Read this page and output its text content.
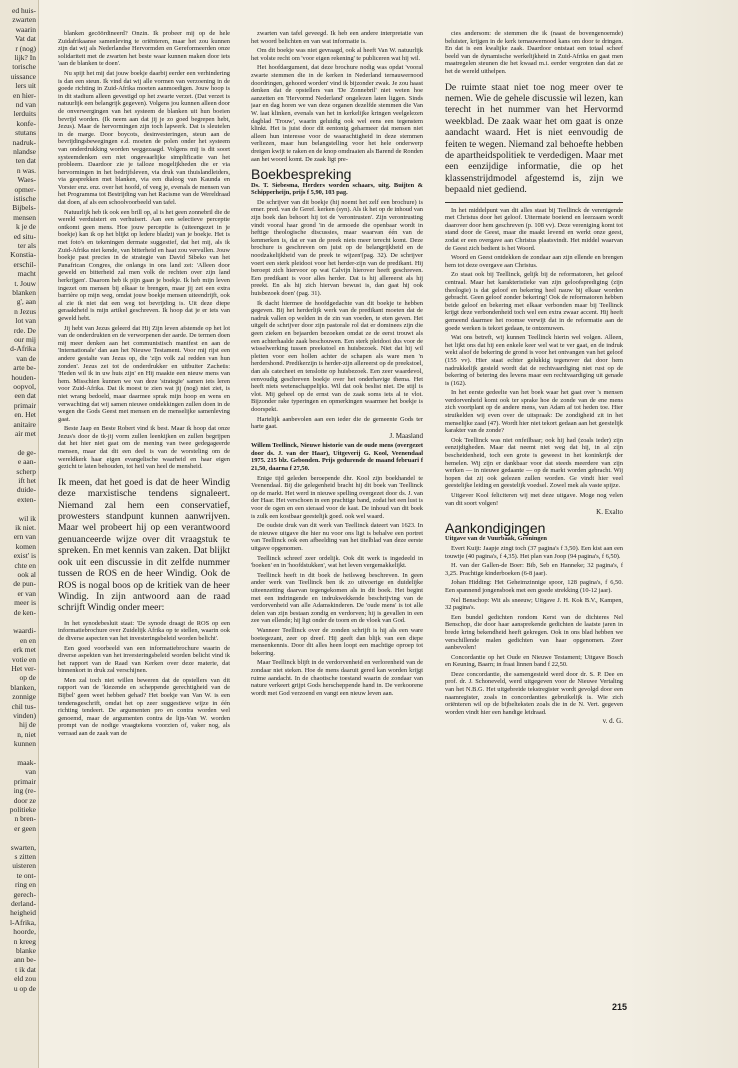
ed huis-
zwarten
waarin
Vat dat
r (nog)
lijk? In
torische
uissance
lers uit
en hier-
nd van
lerduits
konfe-
stutans
nadruk-
nlandse
ten dat
n was.
Waes-
opmer-
istische
Bijbels-
mensen
k je de
ed situ-
ter als
Konstia-
erschil-
macht
t. Jouw
blanken
g', aan
n Jezus
lot van
rde. De
our mij
d-Afrika
van de
arte be-
houden-
oopvol,
een dat
primair
en. Het
anitaire
air met
de ge-
e aan-
scherp
ift het
duide-
exten-
wil ik
ik niet.
ern van
komen
exist' is
chte en
ook al
de pun-
er van
meer is
de ken-
waardi-
en en
erk met
votie en
Het ver-
op de
blanken,
zonnige
chil tus-
vinden)
hij de
n, niet
kunnen
maak-
van
primair
ing (re-
door ze
politieke
n bren-
er geen
swarten,
s zitten
uisteren
te ont-
ring en
gerech-
derland-
heigheid
l-Afrika,
hoorde,
n kreeg
blanke
ann be-
t ik dat
eld zou
u op de

blanken gecöördineerd? Onzin. Ik probeer mij op de hele Zuidafrikaanse samenleving te oriënteren, maar het zou kunnen zijn dat wij als Nederlandse Hervormden en Gereformeerden onze solidariteit met de zwarten het beste waar kunnen maken door iets 'aan de blanken te doen'.

Nu spijt het mij dat jouw boekje daarbij eerder een verhindering is dan een steun. Ik vind dat wij alle vormen van verzoening in de goede richting in Zuid-Afrika moeten aanmoedigen. Jouw hoop is in dit stadium alleen gevestigd op het zwarte verzet. (Dat verzet is natuurlijk een belangrijk gegeven). Volgens jou kunnen alleen door de onverwergingen van het systeem de blanken uit hun boeien bevrijd worden. (Ik neem aan dat jij je zo goed begrepen hebt, Jezus). Maar de hervormingen zijn toch lapwerk. Dat is sleutelen in de marge. Door boycots, desinvesteringen, steun aan de bevrijdingsbewegingen e.d. moeten de polen onder het systeem van onderdrukking worden weggezaagd. Volgens mij is dit soort systeemdenken een niet ongevaarlijke simplificatie van het probleem. Daardoor zie je talloze mogelijkheden die er via hervormingen in het bedrijfsleven, via druk van thuislandleiders, via gesprekken met blanken, via een dialoog van Kaunda en Vorster enz. enz. over het hoofd, of veeg je, evenals de mensen van het Programma tot Bestrijding van het Racisme van de Wereldraad dat doen, af als een schoolvoorbeeld van tafel.

Natuurlijk heb ik ook een brill op, al is het geen zonnebril die de wereld verduistert en verhuisert. Aan een selectieve perceptie ontkomt geen mens. Hoe jouw perceptie is (uiteengezet in je boekje) kan ik op het blijkt op ledere bladzij van je boekje. Het is met foto's en tekeningen dermate suggestief, dat het mij, als ik Zuid-Afrika niet kende, van bitterheid en haat zou vervullen. Jouw boekje past precies in de strategie van David Sibeko van het Panafrican Congres, die onlangs in ons land zei: 'Alleen door geweld en bitterheid zal men volk de rechten over zijn land herkrijgen'. Daarom heb ik pijn gaan je boekje. Ik heb mijn leven ingezet om mensen bij elkaar te brengen, maar jij zet een extra barrière op mijn weg, omdat jouw boekje mensen uiteendrijft, ook al zie ik niet dat een weg tot bevrijding is. Uit deze diepe geraaktheid is mijn artikel geschreven. Ik hoop dat je er iets van geweld hebt.

Jij hebt van Jezus geleerd dat Hij Zijn leven afstemde op het lot van de onderdrukten en de verworpenen der aarde. De termen doen mij meer denken aan het communistisch manifest en aan de 'Internationale' dan aan het Nieuwe Testament. Voor mij rijst een andere gestalte van Jezus op, die 'zijn volk zal redden van hun zonden'. Jezus zei tot de onderdrukker en uitbuiter Zacheüs: 'Heden wil ik in uw huis zijn' en Hij maakte een nieuw mens van hem. Misschien kunnen we van deze 'strategie' samen iets leren voor Zuid-Afrika. Dat ik moest te zien wat jij (nog) niet ziet, is niet wrang bedoeld, maar daarmee sprak mijn hoop en wens en verwachting dat wij samen nieuwe ontdekkingen zullen doen in de wegen die Gods Geest met mensen en de menselijke samenleving gaat.

Beste Jaap en Beste Robert vind ik best. Maar ik hoop dat onze Jezus's door de tk-jij vorm zullen leenkijken en zullen begrijpen dat het hier niet gaat om de mening van twee gedegageerde mensen, maar dat dit een deel is van de worsteling om de wereldkerk haar eigen evangelische waarheid en haar eigen gezicht te laten behouden, tot heil van heel de mensheid.

Ik meen, dat het goed is dat de heer Windig deze marxistische tendens signaleert. Niemand zal hem een conservatief, prowesters standpunt kunnen aanwrijven. Maar wel probeert hij op een verantwoord genuanceerde wijze over dit vraagstuk te spreken. En met kennis van zaken. Dat blijkt ook uit een discussie in dit zelfde nummer tussen de ROS en de heer Windig. Ook de ROS is nogal boos op de kritiek van de heer Windig. In zijn antwoord aan de raad schrijft Windig onder meer:

In het synodebesluit staat: 'De synode draagt de ROS op een informatiebrochure over Zuidelijk Afrika op te stellen, waarin ook de diverse aspecten van het investeringsbeleid worden belicht'.

Een goed voorbeeld van een informatiebrochure waarin de diverse aspekten van het investeringsbeleid worden belicht vind ik het rapport van de Raad van Kerken over deze materie, dat binnenkort in druk zal verschijnen.

Men zal toch niet willen beweren dat de opstellers van dit rapport van de 'kiezende en scheppende gerechtigheid van de Bijbel' geen weet hebben gehad? Het boekje van Van W. is een tendensgeschrift, omdat het op zeer suggestieve wijze in één richting tendeert. De argumenten pro en contra worden wel genoemd, maar de argumenten contra de lijn-Van W. worden prompt van de nodige vraagtekens voorzien of, vaker nog, als verraad aan de zaak van de

zwarten van tafel geveegd. Ik heb een andere interpretatie van het woord belichten en van wat informatie is.

Om dit boekje was niet gevraagd, ook al heeft Van W. natuurlijk het volste recht om 'voor eigen rekening' te publiceren wat hij wil.

Het hoofdargument, dat deze brochure nodig was opdat 'vooral zwarte stemmen die in de kerken in Nederland ternauwernood doordringen, gehoord worden' vind ik bijzonder zwak. Je zou haast denken dat de opstellers van 'De Zonnebril' niet weten hoe aanzetten en 'Hervormd Nederland' ongelezen laten liggen. Sinds jaar en dag horen we van deze organen dezelfde stemmen die Van W. laat klinken, evenals van het in kerkelijke kringen veelgelezen dagblad 'Trouw', waarin geluidig ook wel eens een tegenstem klinkt. Het is juist door dit eentonig geharmeer dat mensen niet alleen hun interesse voor de waarachtigheid in deze stemmen verliezen, maar hun belangstelling voor het hele onderwerp dreigen kwijt te raken en de knop omdraaien als Barend de Ronden aan het woord komt. De zaak ligt pre-

Boekbespreking

Ds. T. Siebesma, Herders worden schaars, uitg. Buijten & Schipperheijn, prijs f 5,90, 103 pag.

De schrijver van dit boekje (hij noemt het zelf een brochure) is emer. pred. van de Geref. kerken (syn). Als ik het op de inhoud van zijn boek dan behoort hij tot de 'verontrusten'. Zijn verontrusting vindt vooral haar grond 'in de armoede die openbaar wordt in heftige theologische discussies, maar waarvan één van de kenmerken is, dat er van de preek niets meer terecht komt. Deze brochure is geschreven om juist op de belangrijkheid en de noodzakelijkheid van de preek te wijzen'(pag. 32). De schrijver voert een sterk pleidooi voor het herder-zijn van de predikant. Hij beroept zich hiervoor op wat Calvijn hierover heeft geschreven. Een predikant is voor alles herder. Dat is hij allereerst als hij preekt. En als hij zich hiervan bewust is, dan gaat hij ook huisbezoek doen' (pag. 31).

Ik dacht hiermee de hoofdgedachte van dit boekje te hebben gegeven. Bij het herderlijk werk van de predikant moeten dat de nadruk vallen op welden in de zin van voeden, te eten geven. Het uitgelt de schrijver door zijn pastorale rol dat er dominees zijn die geen zieken en bejaarden bezoeken omdat ze de eerst trouwt als een achterhaalde zaak beschouwen. Een sterk pleidooi dus voor de wisselwerking tussen preekstoel en huisbezoek. Niet dat hij wil pleiten voor een hollen achter de schapen als ware men 'n herdershond. Predikerzijn is herder-zijn allereerst op de preekstoel, dan als catecheet en tenslotte op huisbezoek. Een zeer waardevol, eenvoudig geschreven boekje over het onderhavige thema. Het heeft niets wetenschappelijks. Wil dat ook beslist niet. De stijl is vlot. Mij geheel op de ernst van de zaak soms iets al te vlot. Bijzonder rake typeringen en opmerkingen waarmee het boekje is doorspekt.

Hartelijk aanbevolen aan een ieder die de gemeente Gods ter harte gaat.

J. Maasland

Willem Teellinck, Nieuwe historie van de oude mens (overgezet door ds. J. van der Haar), Uitgeverij G. Kool, Veenendaal 1975. 215 blz. Gebonden. Prijs gedurende de maand februari f 21,50, daarna f 27,50.

Enige tijd geleden beroepende dhr. Kool zijn boekhandel te Veenendaal. Bij die gelegenheid bracht hij dit boek van Teellinck op de markt. Het werd in nieuwe spelling overgezet door ds. J. van der Haar. Het verschoen in een prachtige band, zodat het een lust is voor de ogen en een sieraad voor de kast. De inhoud van dit boek is zulk een kostbaar geestelijk goed. ook wel waard.

De oudste druk van dit werk van Teellinck dateert van 1623. In de nieuwe uitgave die hier nu voor ons ligt is behalve een portret van Teellinck ook een afbeelding van het titelblad van deze eerste uitgave opgenomen.

Teellinck schreef zeer ordelijk. Ook dit werk is ingedeeld in 'boeken' en in 'hoofdstukken', wat het leven vergemakkelijkt.

Teellinck heeft in dit boek de heilsweg beschreven. In geen ander werk van Teellinck ben ik zo uitvoerige en duidelijke uiteenzetting daarvan tegengekomen als in dit boek. Het begint met een indringende en indrukwekkende beschrijving van de verdorvenheid van alle Adamskinderen. De 'oude mens' is tot alle delen van zijn bestaan zondig en verdorven; hij is gevallen in een zee van ellende; hij ligt onder de toorn en de vloek van God.

Wanneer Teellinck over de zonden schrijft is hij als een ware boetegezant, zeer op dreef. Hij geeft dan blijk van een diepe mensenkennis. Door dit alles heen loopt een machtige oproep tot bekering.

Maar Teellinck blijft in de verdorvenheid en verlorenheid van de zondaar niet steken. Hoe de mens daaruit gered kan worden krijgt ruime aandacht. In de chaotische toestand waarin de zondaar van nature verkeert grijpt Gods herscheppende hand in. De verkoorene wordt met God verzoend en vangt een nieuw leven aan.

cies andersom: de stemmen die ik (naast de bovengenoemde) beluister, krijgen in de kerk ternauwernood kans om door te dringen. En dat is een kwalijke zaak. Daardoor ontstaat een totaal scheef beeld van de dynamische werkelijkheid in Zuid-Afrika en gaat men maatregelen steunen die het kwaad m.i. eerder vergroten dan dat ze het de wereld uithelpen.

De ruimte staat niet toe nog meer over te nemen. Wie de gehele discussie wil lezen, kan terecht in het nummer van het Hervormd weekblad. De zaak waar het om gaat is onze aandacht waard. Het is niet eenvoudig de feiten te wegen. Niemand zal behoefte hebben de apartheidspolitiek te verdedigen. Maar met een eenzijdige informatie, die op het klassenstrijdmodel afgestemd is, zijn we bepaald niet gediend.

In het middelpunt van dit alles staat bij Teellinck de verenigende met Christus door het geloof. Uitermate boeiend en leerzaam wordt daarover door hem geschreven (p. 108 vv). Deze vereniging komt tot stand door de Geest, maar die maakt levend en werkt onze geest, zodat er een overgave aan Christus plaatsvindt. Het middel waarvan de Geest zich bedient is het Woord.

Woord en Geest ontdekken de zondaar aan zijn ellende en brengen hem tot deze overgave aan Christus.

Zo staat ook bij Teellinck, gelijk bij de reformatoren, het geloof centraal. Maar het karakteristieke van zijn geloofsprediging (zijn theologie) is dat geloof en bekering heel nauw bij elkaar worden gebracht. Geen geloof zonder bekering! Ook de reformatoren hebben beide geloof en bekering met elkaar verbonden maar bij Teellinck krijgt deze verbondenheid toch wel een extra zwaar accent. Hij heeft gemeend daarmee het roomse verwijt dat in de reformatie aan de goede werken is tekort gedaan, te ontzenuwen.

Wat ons betreft, wij kunnen Teellinck hierin wel volgen. Alleen, het lijkt ons dat hij een enkele keer wel wat te ver gaat, en de indruk wekt alsof de bekering de grond is voor het ontvangen van het geloof (155 vv). Hier staat echter gelukkig tegenover dat door hem nadrukkelijk gesteld wordt dat de rechtvaardiging niet rust op de bekering of betering des levens maar een rechtvaardiging uit genade is (162).

In het eerste gedeelte van het boek waar het gaat over 's mensen verdorvenheid komt ook ter sprake hoe de zonde van de ene mens zich voortplant op de andere mens, van Adam af tot heden toe. Hier struikelden wij even over de uitspraak: De zondigheid zit in het menselijke zaad (47). Wordt hier niet tekort gedaan aan het geestelijk karakter van de zonde?

Ook Teellinck was niet onfeilbaar; ook hij had (zoals ieder) zijn eenzijdigheden. Maar dat neemt niet weg dat hij, in al zijn bescheidenheid, toch een grote is geweest in het koninkrijk der hemelen. Wij zijn er dankbaar voor dat steeds meerdere van zijn werken — in nieuwe gedaante — op de markt worden gebracht. Wij hopen dat zij ook gelezen zullen worden. Ge vindt hier veel geestelijke leiding en geestelijk voedsel. Zowel mek als vaste spijze.

Uitgever Kool feliciteren wij met deze uitgave. Moge nog velen van dit soort volgen!

K. Exalto

Aankondigingen

Uitgave van de Vuurbaak, Groningen

Evert Kuijt: Jaapje zingt toch (37 pagina's f 3,50). Een kist aan een touwtje (40 pagina's, f 4,35). Het plan van Joop (94 pagina's, f 6,50).

H. van der Gallen-de Boer: Bib, Seb en Hanneke; 32 pagina's, f 3,25. Prachtige kinderboeken (6-8 jaar).

Johan Hidding: Het Geheimzinnige spoor, 128 pagina's, f 6,50. Een spannend jongensboek met een goede strekking (10-12 jaar).

Nel Benschop: Wit als sneeuw; Uitgave J. H. Kok B.V., Kampen, 32 pagina's.

Een bundel gedichten rondom Kerst van de dichteres Nel Benschop, die door haar aansprekende gedichten de laatste jaren in brede kring bekendheid heeft gekregen. Ook in ons blad hebben we verschillende malen gedichten van haar opgenomen. Zeer aanbevolen!

Concordantie op het Oude en Nieuwe Testament; Uitgave Bosch en Keuning, Baarn; in fraai linnen band f 22,50.

Deze concordantie, die samengesteld werd door dr. S. P. Dee en prof. dr. J. Schoneveld, werd uitgegeven voor de Nieuwe Vertaling van het N.B.G. Het uitgebreide tekstregister wordt gevolgd door een naamregister, zoals in concordanties gebruikelijk is. Wie zich oriënteren wil op de bijbelteksten zoals die in de N. Vert. gegeven worden vindt hier een handige leidraad.

v. d. G.

215
